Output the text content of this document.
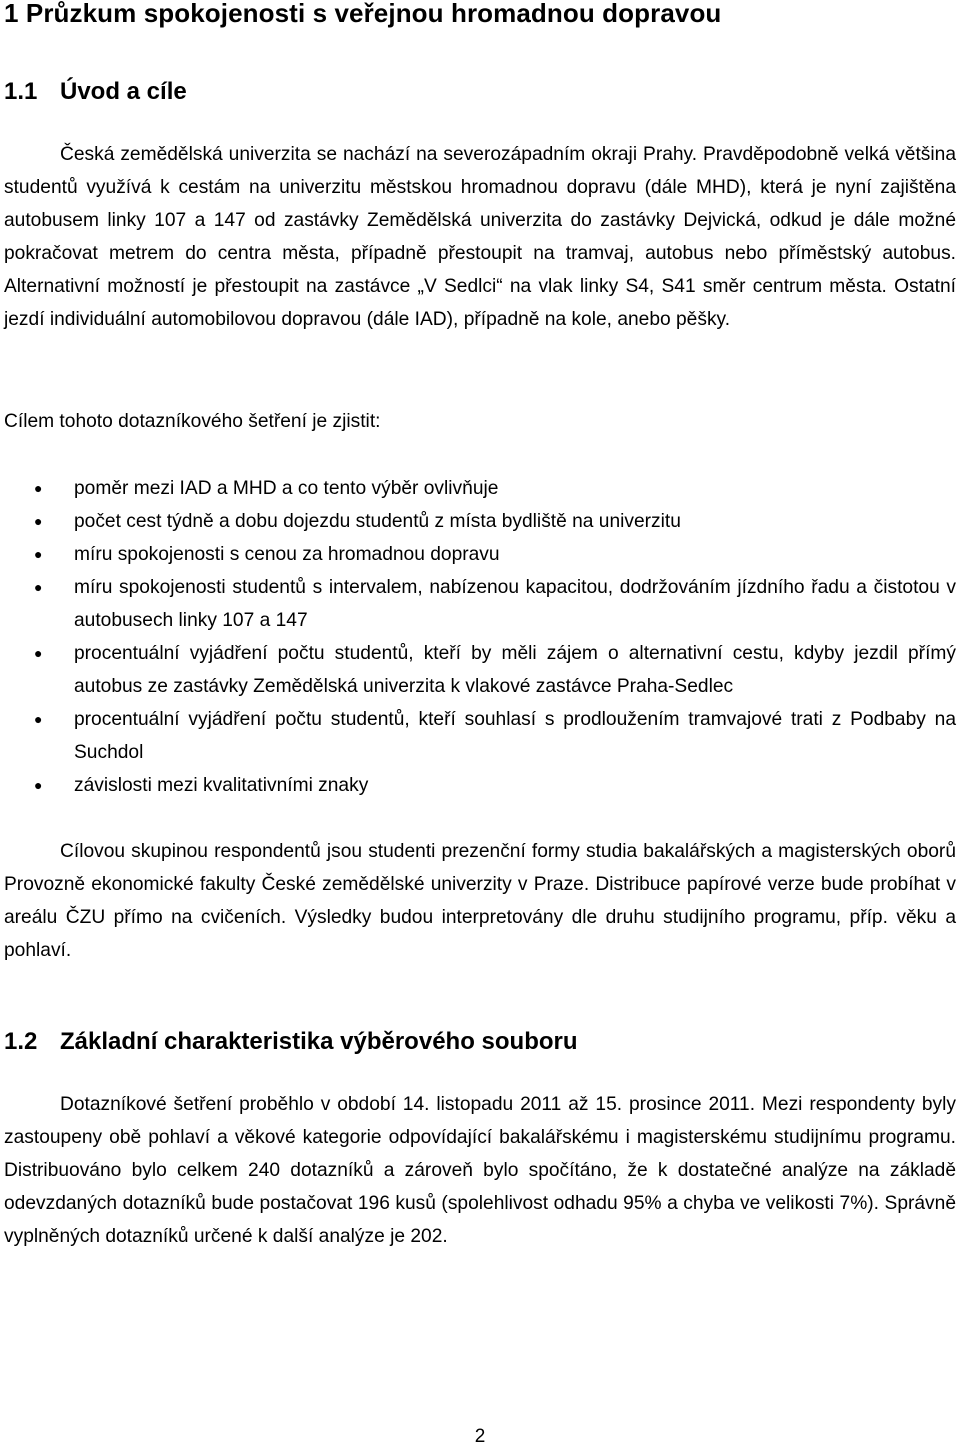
1 Průzkum spokojenosti s veřejnou hromadnou dopravou
1.1 Úvod a cíle

Česká zemědělská univerzita se nachází na severozápadním okraji Prahy. Pravděpodobně velká většina studentů využívá k cestám na univerzitu městskou hromadnou dopravu (dále MHD), která je nyní zajištěna autobusem linky 107 a 147 od zastávky Zemědělská univerzita do zastávky Dejvická, odkud je dále možné pokračovat metrem do centra města, případně přestoupit na tramvaj, autobus nebo příměstský autobus. Alternativní možností je přestoupit na zastávce „V Sedlci“ na vlak linky S4, S41 směr centrum města. Ostatní jezdí individuální automobilovou dopravou (dále IAD), případně na kole, anebo pěšky.

Cílem tohoto dotazníkového šetření je zjistit:
● poměr mezi IAD a MHD a co tento výběr ovlivňuje
● počet cest týdně a dobu dojezdu studentů z místa bydliště na univerzitu
● míru spokojenosti s cenou za hromadnou dopravu
● míru spokojenosti studentů s intervalem, nabízenou kapacitou, dodržováním jízdního řadu a čistotou v autobusech linky 107 a 147
● procentuální vyjádření počtu studentů, kteří by měli zájem o alternativní cestu, kdyby jezdil přímý autobus ze zastávky Zemědělská univerzita k vlakové zastávce Praha-Sedlec
● procentuální vyjádření počtu studentů, kteří souhlasí s prodloužením tramvajové trati z Podbaby na Suchdol
● závislosti mezi kvalitativními znaky

Cílovou skupinou respondentů jsou studenti prezenční formy studia bakalářských a magisterských oborů Provozně ekonomické fakulty České zemědělské univerzity v Praze. Distribuce papírové verze bude probíhat v areálu ČZU přímo na cvičeních. Výsledky budou interpretovány dle druhu studijního programu, příp. věku a pohlaví.

1.2 Základní charakteristika výběrového souboru

Dotazníkové šetření proběhlo v období 14. listopadu 2011 až 15. prosince 2011. Mezi respondenty byly zastoupeny obě pohlaví a věkové kategorie odpovídající bakalářskému i magisterskému studijnímu programu. Distribuováno bylo celkem 240 dotazníků a zároveň bylo spočítáno, že k dostatečné analýze na základě odevzdaných dotazníků bude postačovat 196 kusů (spolehlivost odhadu 95% a chyba ve velikosti 7%). Správně vyplněných dotazníků určené k další analýze je 202.

2
